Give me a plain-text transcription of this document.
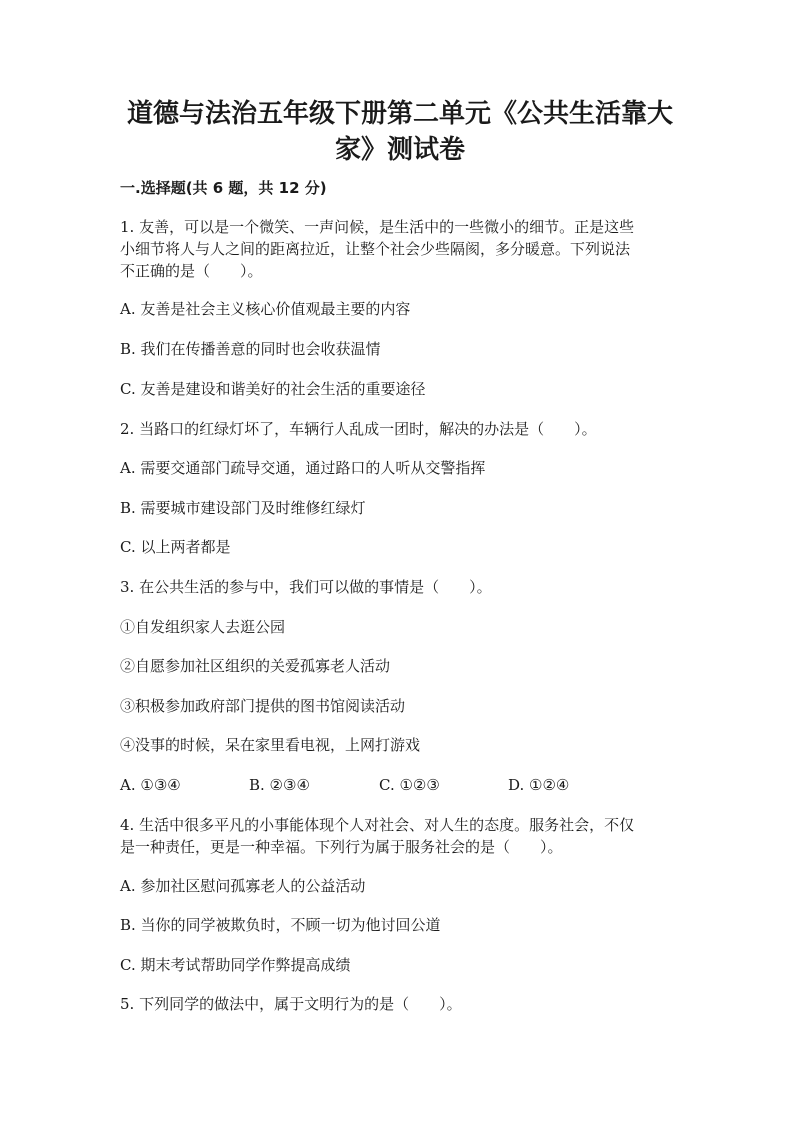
道德与法治五年级下册第二单元《公共生活靠大
家》测试卷
一.选择题(共 6 题，共 12 分)
1. 友善，可以是一个微笑、一声问候，是生活中的一些微小的细节。正是这些
小细节将人与人之间的距离拉近，让整个社会少些隔阂，多分暖意。下列说法
不正确的是（　　）。

A. 友善是社会主义核心价值观最主要的内容

B. 我们在传播善意的同时也会收获温情

C. 友善是建设和谐美好的社会生活的重要途径

2. 当路口的红绿灯坏了，车辆行人乱成一团时，解决的办法是（　　）。

A. 需要交通部门疏导交通，通过路口的人听从交警指挥

B. 需要城市建设部门及时维修红绿灯

C. 以上两者都是

3. 在公共生活的参与中，我们可以做的事情是（　　）。

①自发组织家人去逛公园

②自愿参加社区组织的关爱孤寡老人活动

③积极参加政府部门提供的图书馆阅读活动

④没事的时候，呆在家里看电视，上网打游戏

A. ①③④	B. ②③④	C. ①②③	D. ①②④
4. 生活中很多平凡的小事能体现个人对社会、对人生的态度。服务社会，不仅
是一种责任，更是一种幸福。下列行为属于服务社会的是（　　）。

A. 参加社区慰问孤寡老人的公益活动

B. 当你的同学被欺负时，不顾一切为他讨回公道

C. 期末考试帮助同学作弊提高成绩

5. 下列同学的做法中，属于文明行为的是（　　）。
